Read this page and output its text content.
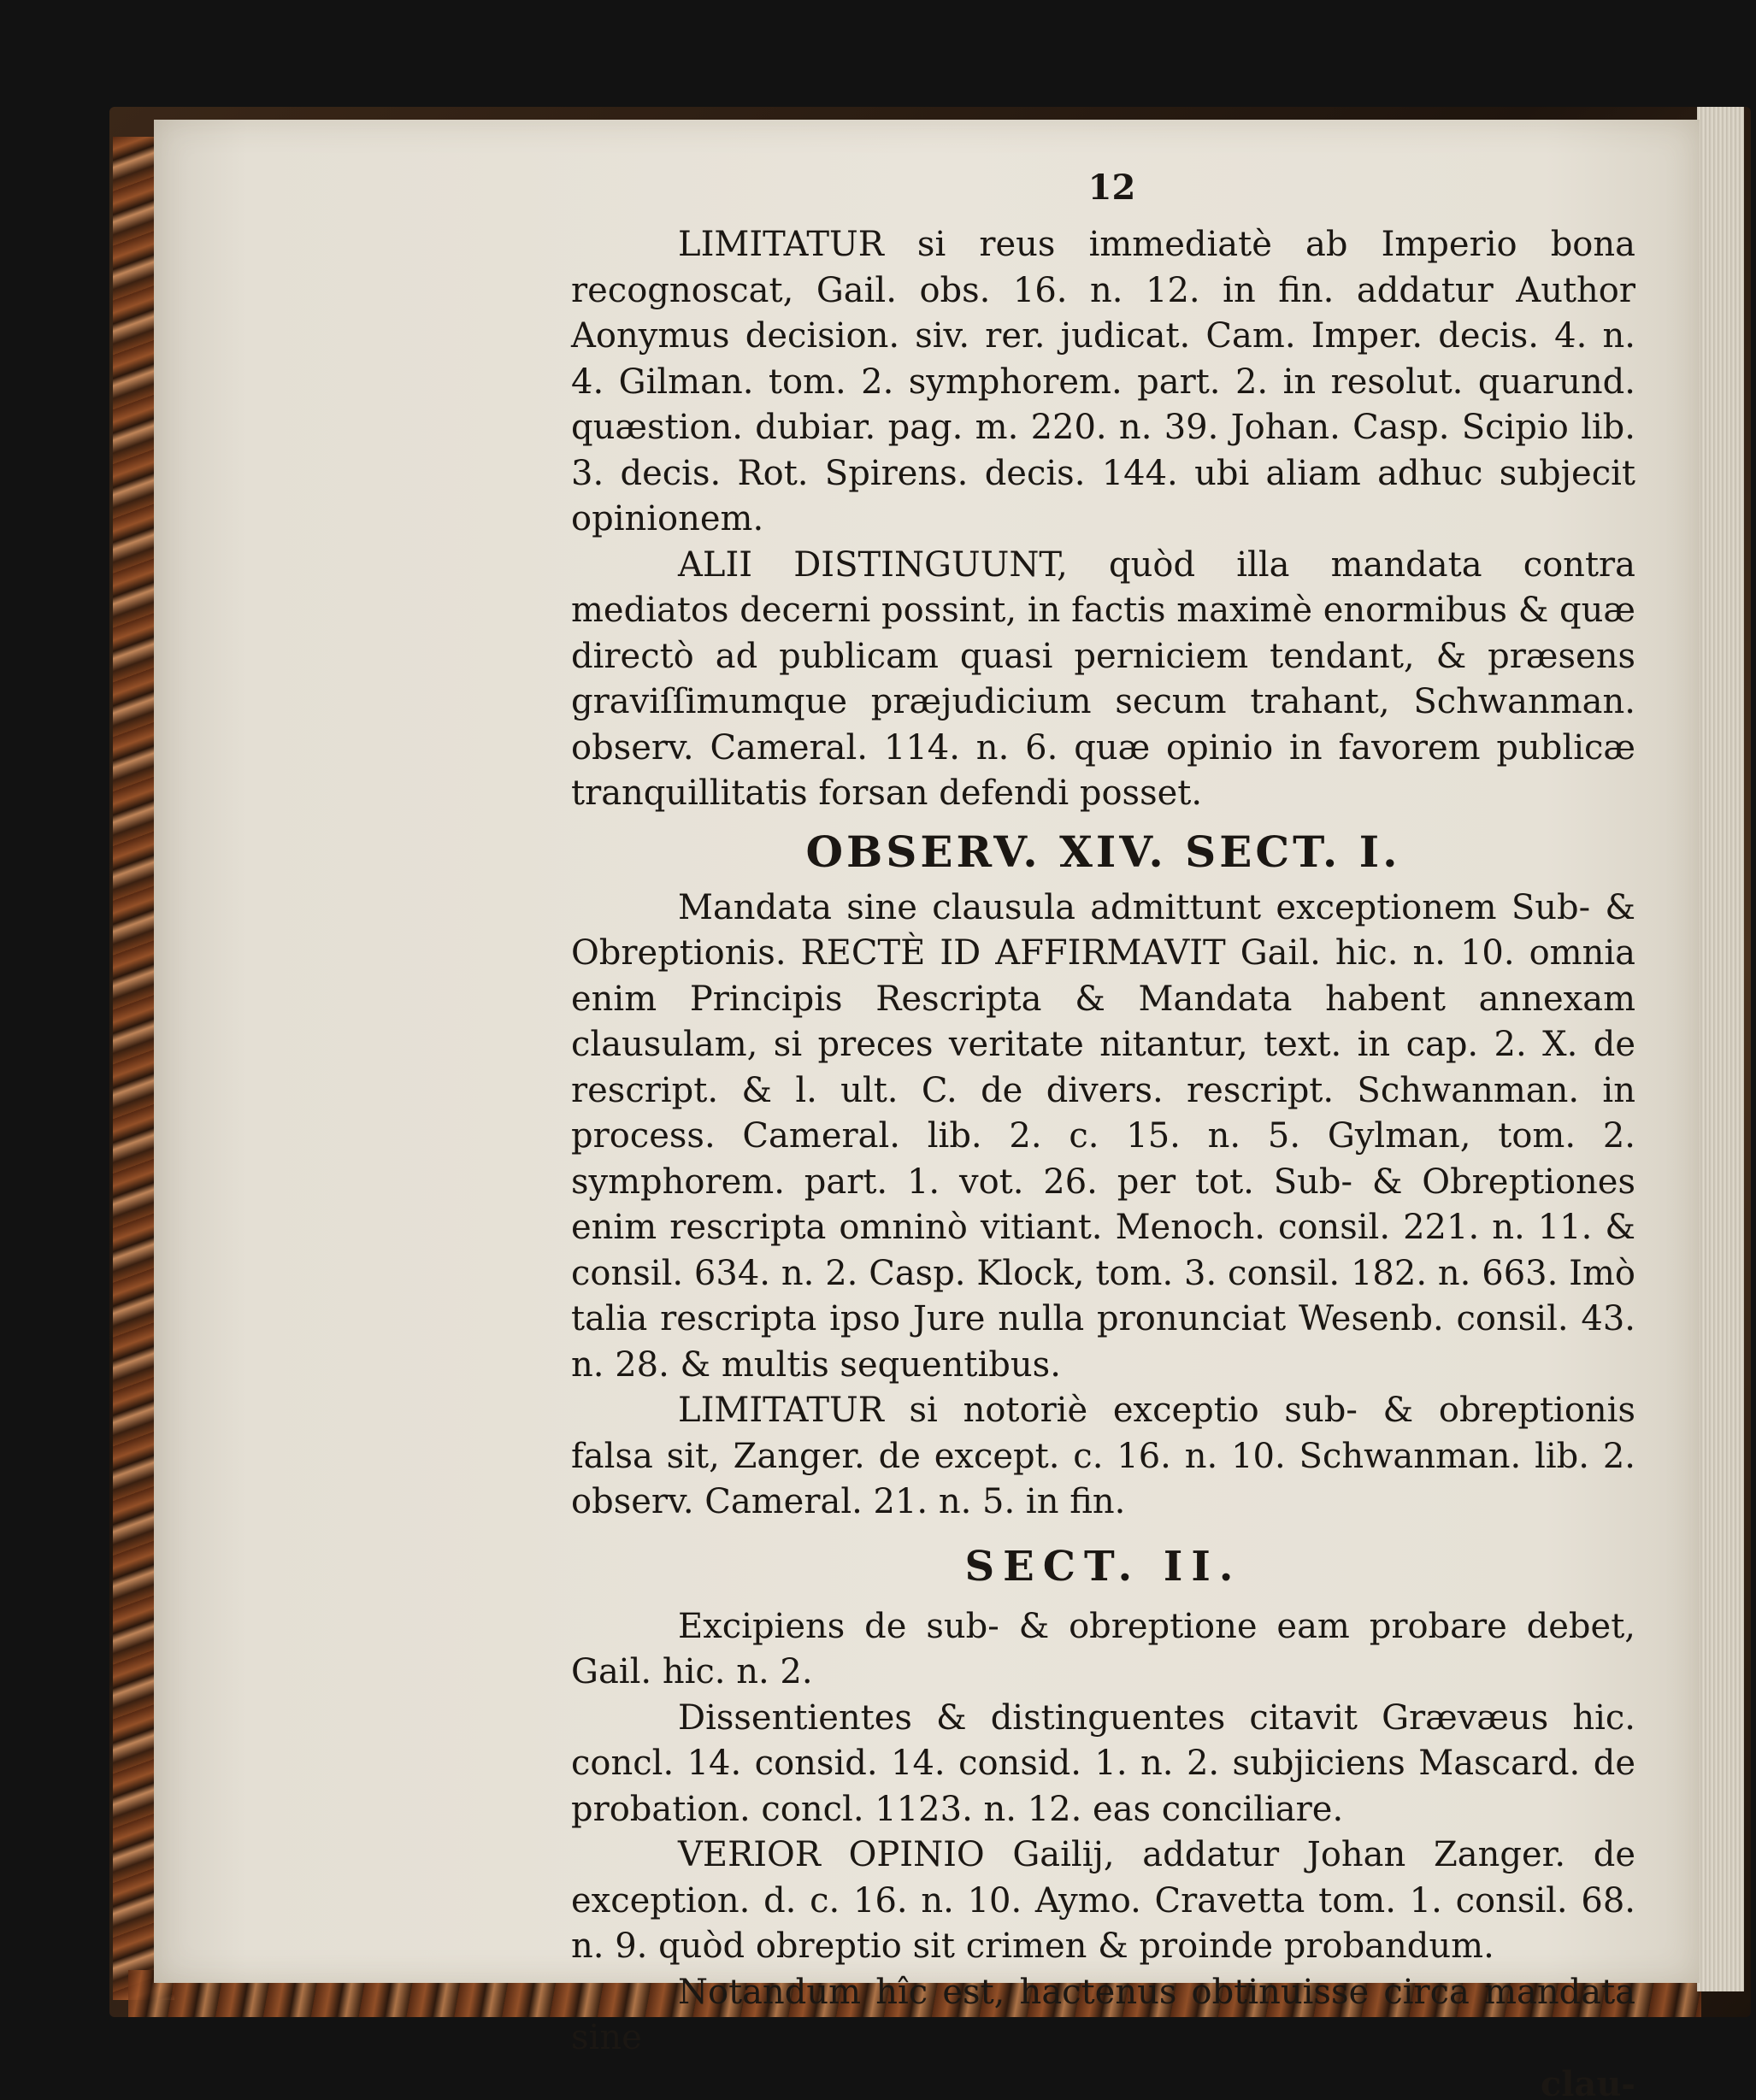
12

LIMITATUR si reus immediatè ab Imperio bona recognoscat, Gail. obs. 16. n. 12. in fin. addatur Author Aonymus decision. siv. rer. judicat. Cam. Imper. decis. 4. n. 4. Gilman. tom. 2. symphorem. part. 2. in resolut. quarund. quæstion. dubiar. pag. m. 220. n. 39. Johan. Casp. Scipio lib. 3. decis. Rot. Spirens. decis. 144. ubi aliam adhuc subjecit opinionem.

ALII DISTINGUUNT, quòd illa mandata contra mediatos decerni possint, in factis maximè enormibus & quæ directò ad publicam quasi perniciem tendant, & præsens graviſſimumque præjudicium secum trahant, Schwanman. observ. Cameral. 114. n. 6. quæ opinio in favorem publicæ tranquillitatis forsan defendi posset.

OBSERV. XIV. SECT. I.

Mandata sine clausula admittunt exceptionem Sub- & Obreptionis. RECTÈ ID AFFIRMAVIT Gail. hic. n. 10. omnia enim Principis Rescripta & Mandata habent annexam clausulam, si preces veritate nitantur, text. in cap. 2. X. de rescript. & l. ult. C. de divers. rescript. Schwanman. in process. Cameral. lib. 2. c. 15. n. 5. Gylman, tom. 2. symphorem. part. 1. vot. 26. per tot. Sub- & Obreptiones enim rescripta omninò vitiant. Menoch. consil. 221. n. 11. & consil. 634. n. 2. Casp. Klock, tom. 3. consil. 182. n. 663. Imò talia rescripta ipso Jure nulla pronunciat Wesenb. consil. 43. n. 28. & multis sequentibus.

LIMITATUR si notoriè exceptio sub- & obreptionis falsa sit, Zanger. de except. c. 16. n. 10. Schwanman. lib. 2. observ. Cameral. 21. n. 5. in fin.

SECT. II.

Excipiens de sub- & obreptione eam probare debet, Gail. hic. n. 2.

Dissentientes & distinguentes citavit Grævæus hic. concl. 14. consid. 14. consid. 1. n. 2. subjiciens Mascard. de probation. concl. 1123. n. 12. eas conciliare.

VERIOR OPINIO Gailij, addatur Johan Zanger. de exception. d. c. 16. n. 10. Aymo. Cravetta tom. 1. consil. 68. n. 9. quòd obreptio sit crimen & proinde probandum.

Notandum hîc est, hactenus obtinuisse circa mandata sine

clau-
